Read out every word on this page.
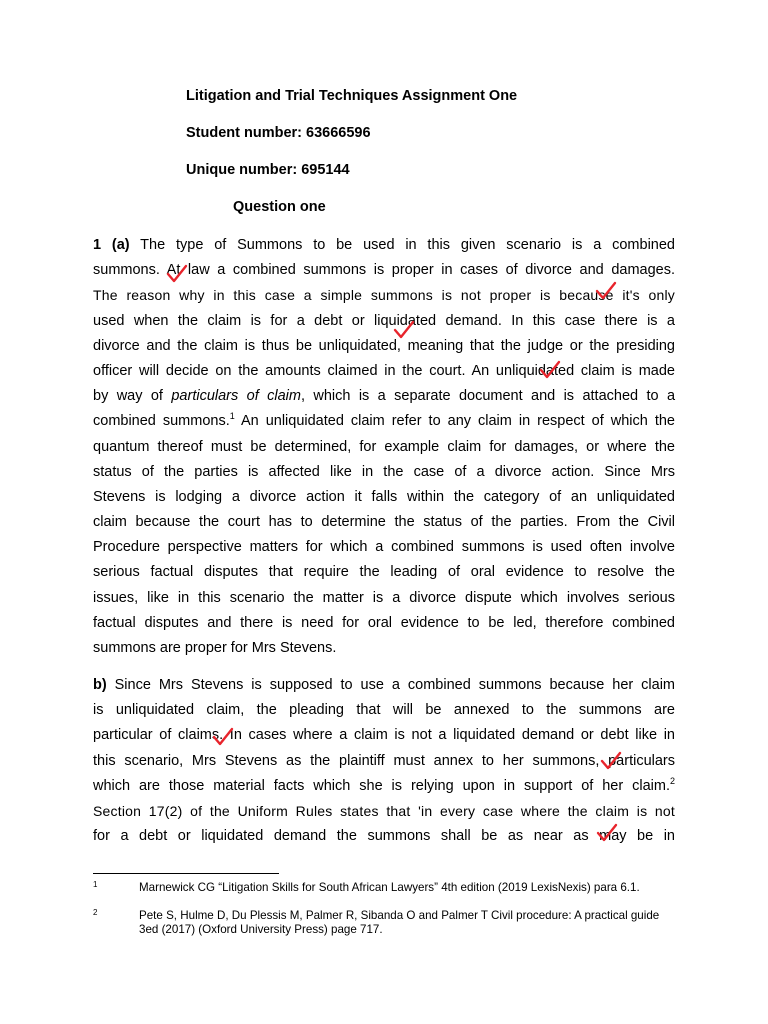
Litigation and Trial Techniques Assignment One
Student number: 63666596
Unique number: 695144
Question one
1 (a) The type of Summons to be used in this given scenario is a combined
summons. At law a combined summons is proper in cases of divorce and damages.
The reason why in this case a simple summons is not proper is because it's only
used when the claim is for a debt or liquidated demand. In this case there is a
divorce and the claim is thus be unliquidated, meaning that the judge or the presiding
officer will decide on the amounts claimed in the court. An unliquidated claim is made
by way of particulars of claim, which is a separate document and is attached to a
combined summons.$^1$ An unliquidated claim refer to any claim in respect of which the
quantum thereof must be determined, for example claim for damages, or where the
status of the parties is affected like in the case of a divorce action. Since Mrs
Stevens is lodging a divorce action it falls within the category of an unliquidated
claim because the court has to determine the status of the parties. From the Civil
Procedure perspective matters for which a combined summons is used often involve
serious factual disputes that require the leading of oral evidence to resolve the
issues, like in this scenario the matter is a divorce dispute which involves serious
factual disputes and there is need for oral evidence to be led, therefore combined
summons are proper for Mrs Stevens.
b) Since Mrs Stevens is supposed to use a combined summons because her claim
is unliquidated claim, the pleading that will be annexed to the summons are
particular of claims. In cases where a claim is not a liquidated demand or debt like in
this scenario, Mrs Stevens as the plaintiff must annex to her summons, particulars
which are those material facts which she is relying upon in support of her claim.$^2$
Section 17(2) of the Uniform Rules states that 'in every case where the claim is not
for a debt or liquidated demand the summons shall be as near as may be in
1	Marnewick CG “Litigation Skills for South African Lawyers” 4th edition (2019 LexisNexis) para 6.1.
2	Pete S, Hulme D, Du Plessis M, Palmer R, Sibanda O and Palmer T Civil procedure: A practical guide 3ed (2017) (Oxford University Press) page 717.
